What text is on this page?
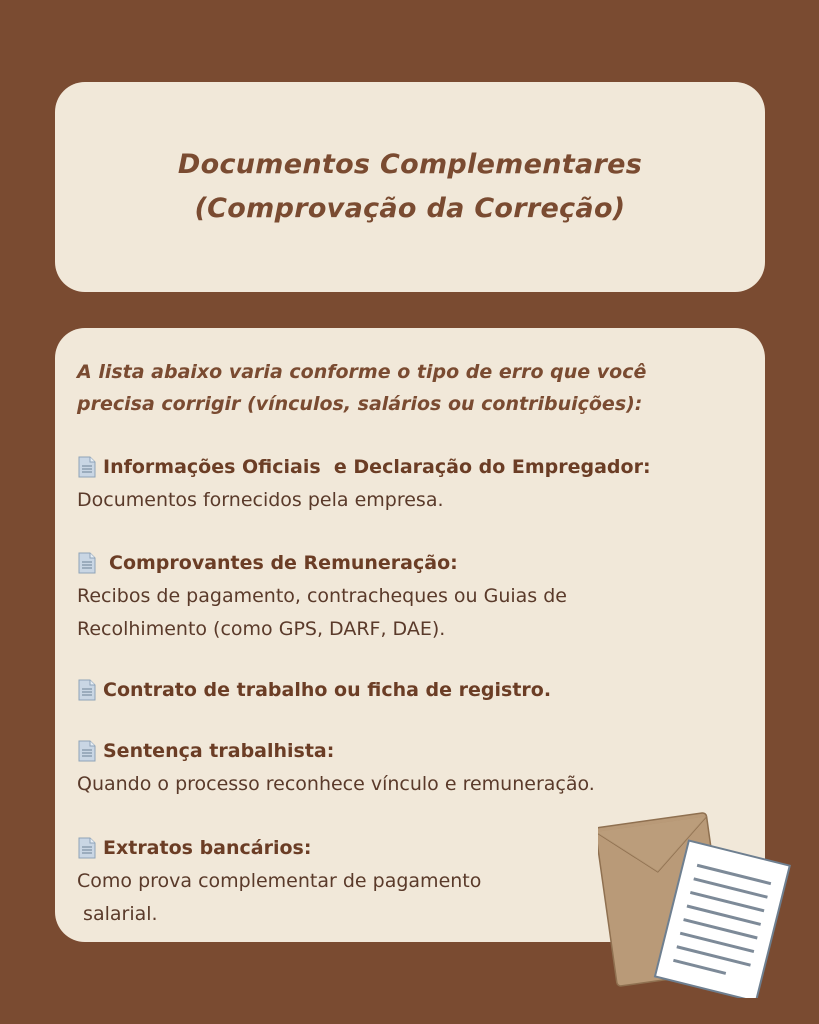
Documentos Complementares
(Comprovação da Correção)
A lista abaixo varia conforme o tipo de erro que você
precisa corrigir (vínculos, salários ou contribuições):
Informações Oficiais  e Declaração do Empregador:
Documentos fornecidos pela empresa.
Comprovantes de Remuneração:
Recibos de pagamento, contracheques ou Guias de
Recolhimento (como GPS, DARF, DAE).
Contrato de trabalho ou ficha de registro.
Sentença trabalhista:
Quando o processo reconhece vínculo e remuneração.
Extratos bancários:
Como prova complementar de pagamento
salarial.
